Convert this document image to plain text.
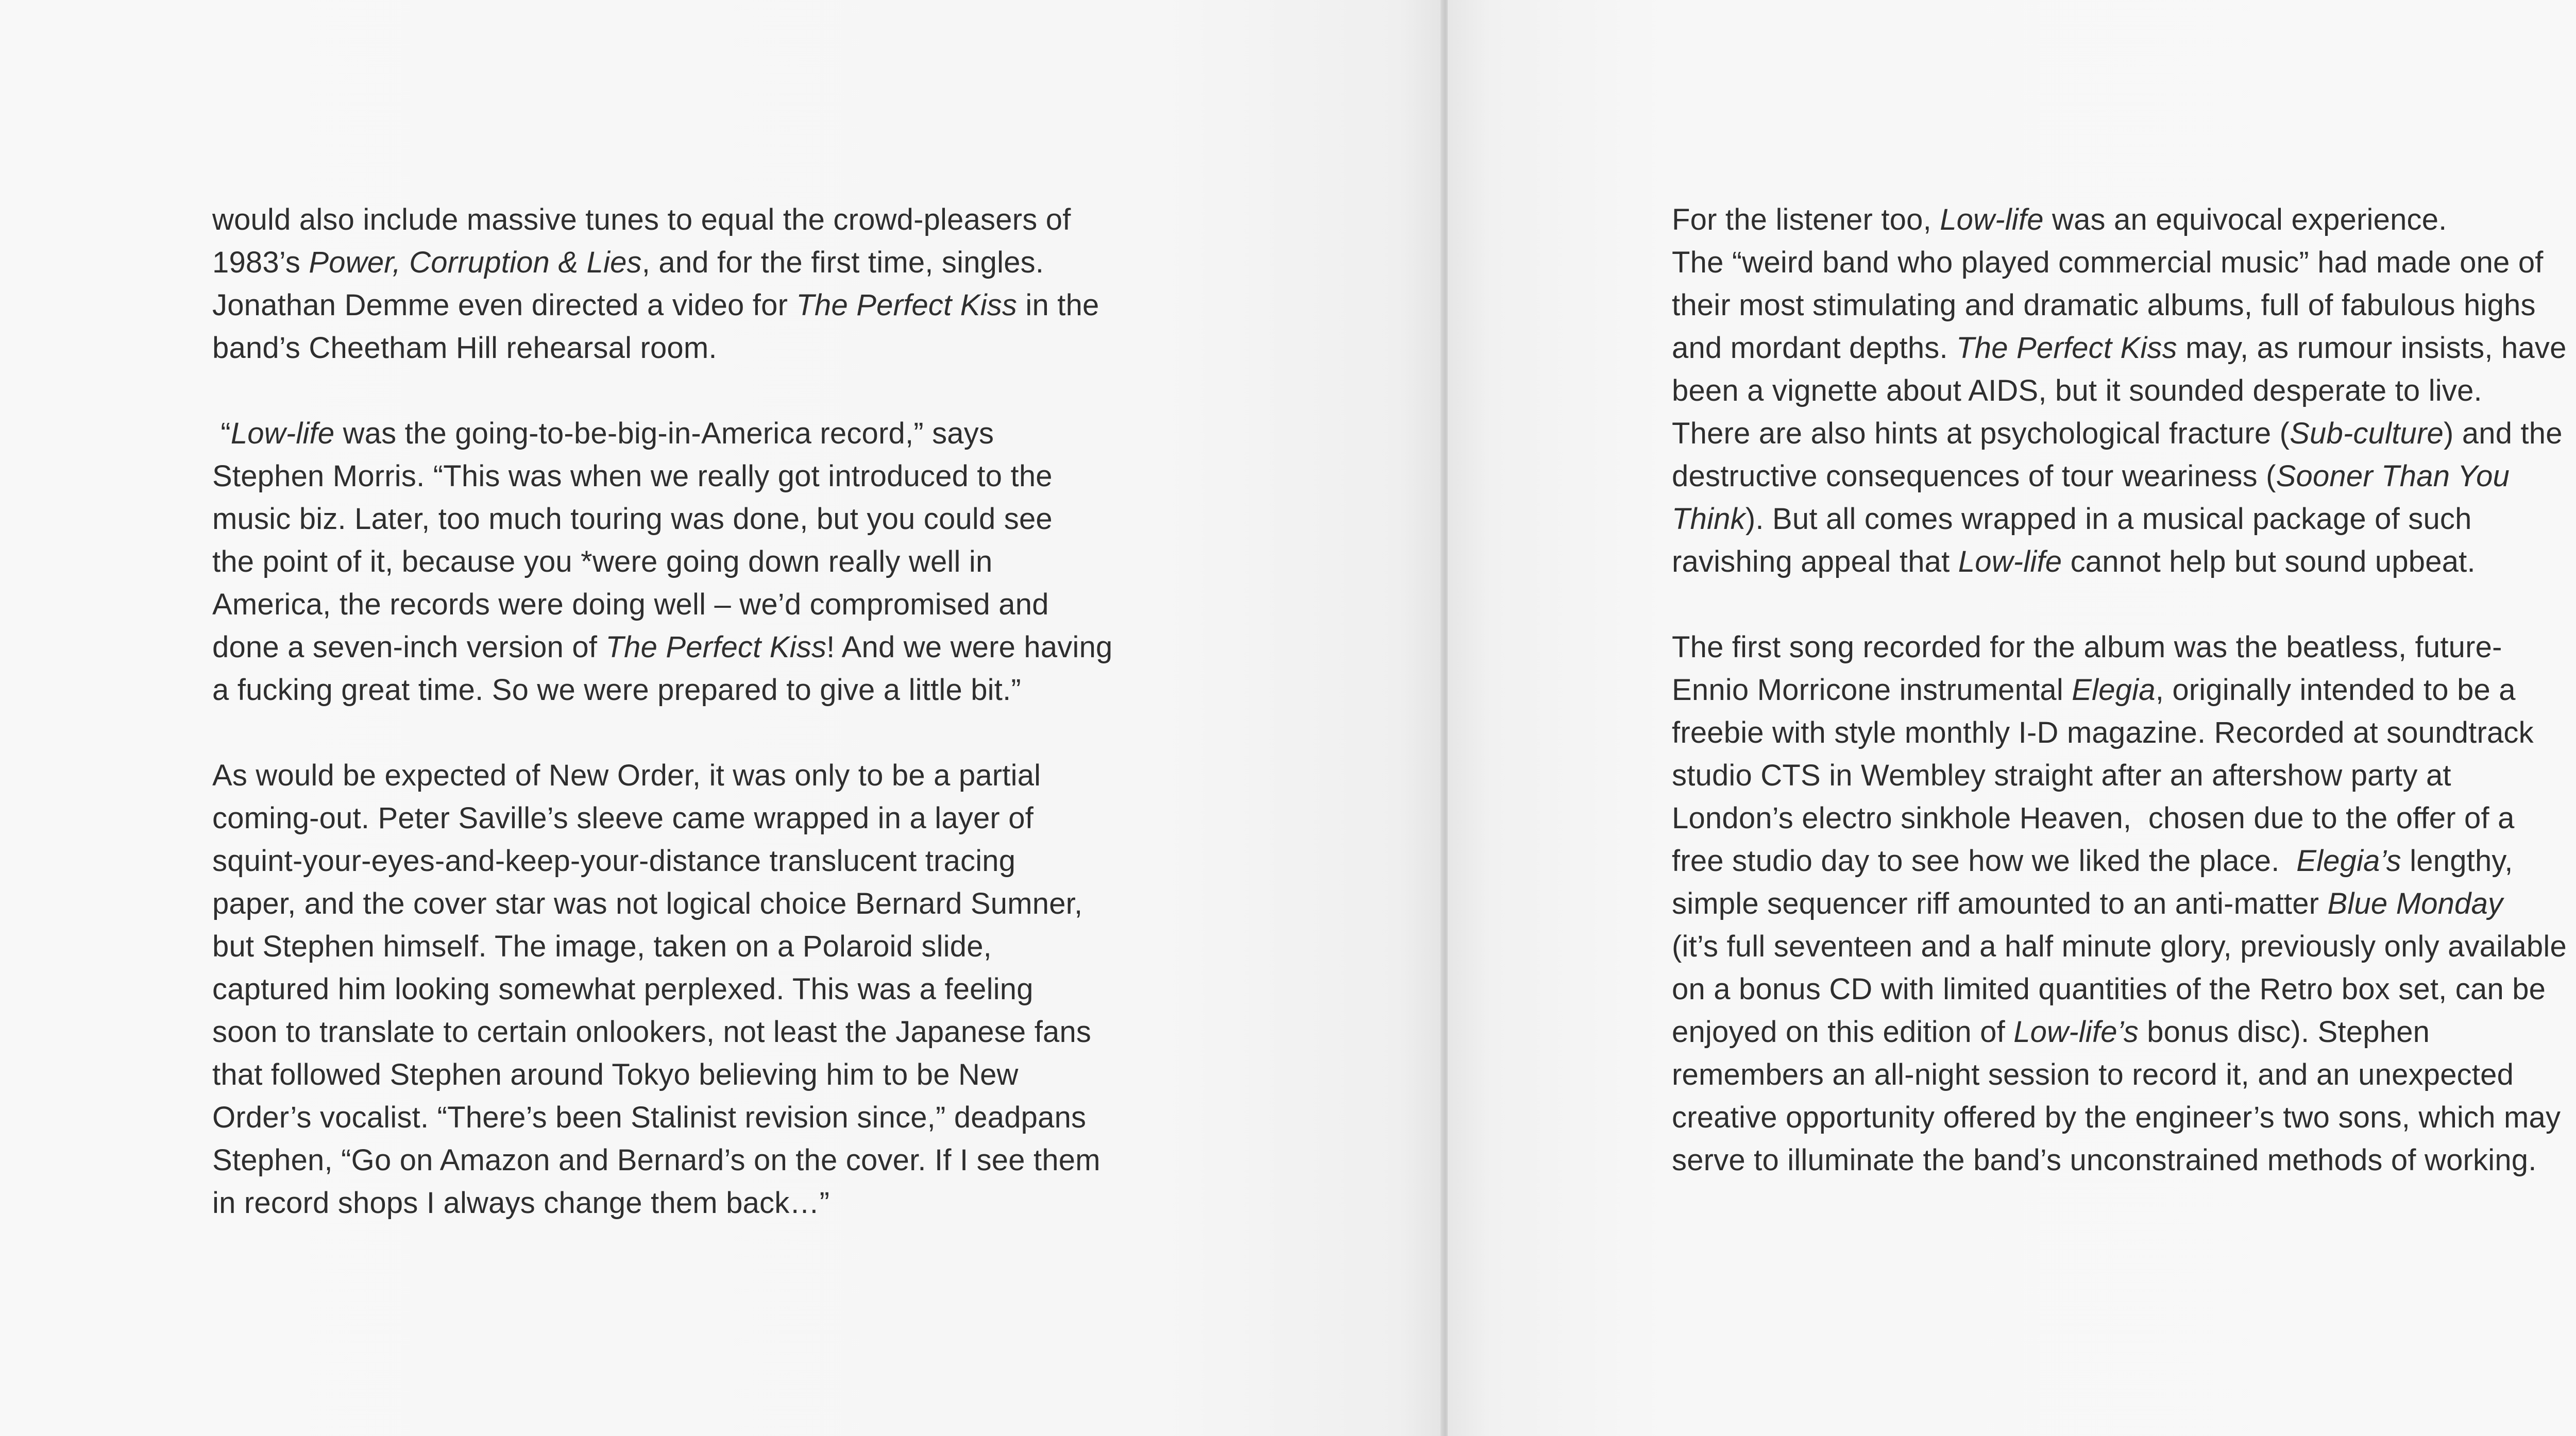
would also include massive tunes to equal the crowd-pleasers of
1983’s Power, Corruption & Lies, and for the first time, singles.
Jonathan Demme even directed a video for The Perfect Kiss in the
band’s Cheetham Hill rehearsal room.

“Low-life was the going-to-be-big-in-America record,” says
Stephen Morris. “This was when we really got introduced to the
music biz. Later, too much touring was done, but you could see
the point of it, because you *were going down really well in
America, the records were doing well – we’d compromised and
done a seven-inch version of The Perfect Kiss! And we were having
a fucking great time. So we were prepared to give a little bit.”

As would be expected of New Order, it was only to be a partial
coming-out. Peter Saville’s sleeve came wrapped in a layer of
squint-your-eyes-and-keep-your-distance translucent tracing
paper, and the cover star was not logical choice Bernard Sumner,
but Stephen himself. The image, taken on a Polaroid slide,
captured him looking somewhat perplexed. This was a feeling
soon to translate to certain onlookers, not least the Japanese fans
that followed Stephen around Tokyo believing him to be New
Order’s vocalist. “There’s been Stalinist revision since,” deadpans
Stephen, “Go on Amazon and Bernard’s on the cover. If I see them
in record shops I always change them back…”

For the listener too, Low-life was an equivocal experience.
The “weird band who played commercial music” had made one of
their most stimulating and dramatic albums, full of fabulous highs
and mordant depths. The Perfect Kiss may, as rumour insists, have
been a vignette about AIDS, but it sounded desperate to live.
There are also hints at psychological fracture (Sub-culture) and the
destructive consequences of tour weariness (Sooner Than You
Think). But all comes wrapped in a musical package of such
ravishing appeal that Low-life cannot help but sound upbeat.

The first song recorded for the album was the beatless, future-
Ennio Morricone instrumental Elegia, originally intended to be a
freebie with style monthly I-D magazine. Recorded at soundtrack
studio CTS in Wembley straight after an aftershow party at
London’s electro sinkhole Heaven,  chosen due to the offer of a
free studio day to see how we liked the place.  Elegia’s lengthy,
simple sequencer riff amounted to an anti-matter Blue Monday
(it’s full seventeen and a half minute glory, previously only available
on a bonus CD with limited quantities of the Retro box set, can be
enjoyed on this edition of Low-life’s bonus disc). Stephen
remembers an all-night session to record it, and an unexpected
creative opportunity offered by the engineer’s two sons, which may
serve to illuminate the band’s unconstrained methods of working.
